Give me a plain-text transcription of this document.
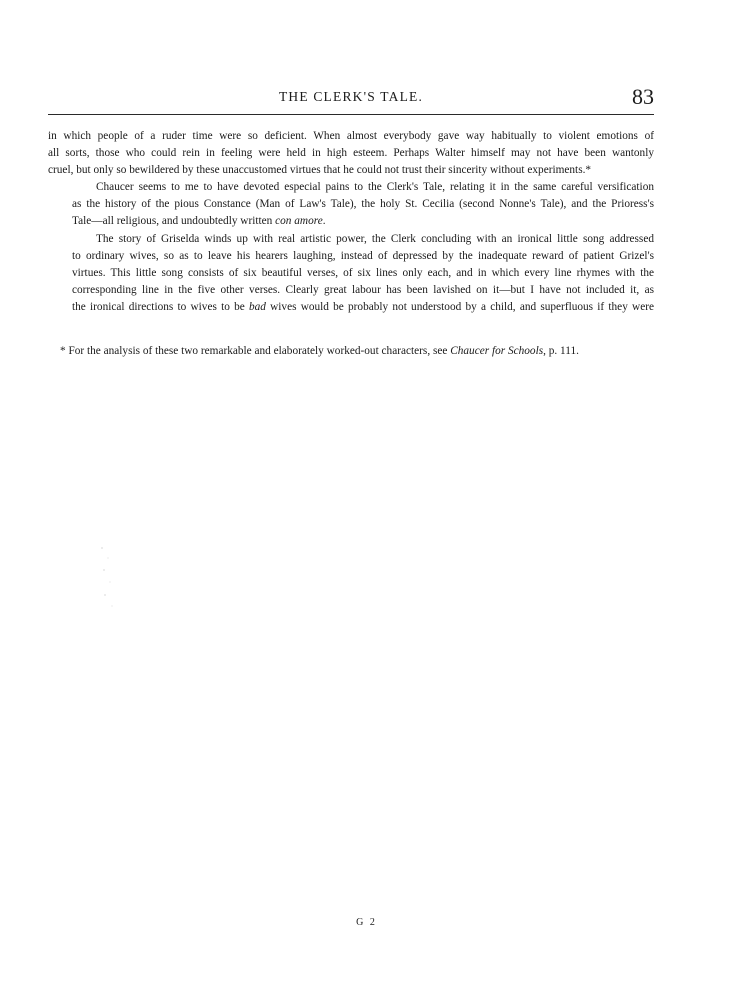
THE CLERK'S TALE.	83

in which people of a ruder time were so deficient. When almost everybody gave way habitually to violent emotions of
all sorts, those who could rein in feeling were held in high esteem. Perhaps Walter himself may not have been wantonly
cruel, but only so bewildered by these unaccustomed virtues that he could not trust their sincerity without experiments.*

Chaucer seems to me to have devoted especial pains to the Clerk's Tale, relating it in the same careful versification
as the history of the pious Constance (Man of Law's Tale), the holy St. Cecilia (second Nonne's Tale), and the Prioress's
Tale—all religious, and undoubtedly written con amore.

The story of Griselda winds up with real artistic power, the Clerk concluding with an ironical little song addressed
to ordinary wives, so as to leave his hearers laughing, instead of depressed by the inadequate reward of patient Grizel's
virtues. This little song consists of six beautiful verses, of six lines only each, and in which every line rhymes with the
corresponding line in the five other verses. Clearly great labour has been lavished on it—but I have not included it, as
the ironical directions to wives to be bad wives would be probably not understood by a child, and superfluous if they were

* For the analysis of these two remarkable and elaborately worked-out characters, see Chaucer for Schools, p. 111.
G 2
